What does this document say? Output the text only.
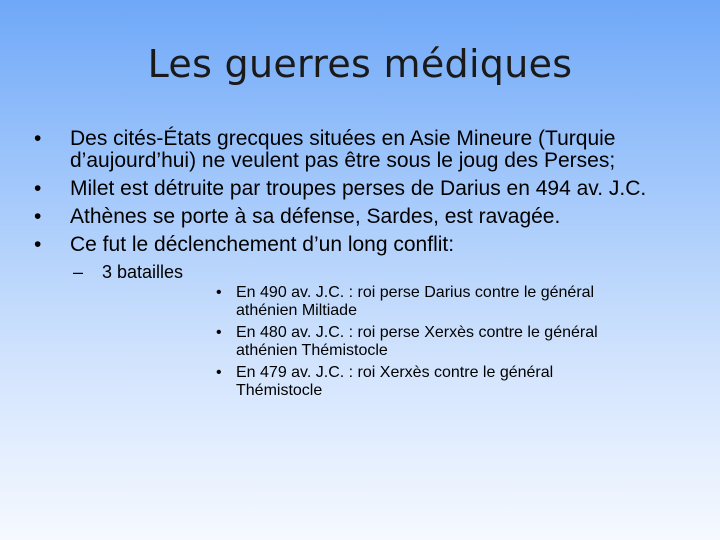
Les guerres médiques
• Des cités-États grecques situées en Asie Mineure (Turquie d’aujourd’hui) ne veulent pas être sous le joug des Perses;
• Milet est détruite par troupes perses de Darius en 494 av. J.C.
• Athènes se porte à sa défense, Sardes, est ravagée.
• Ce fut le déclenchement d’un long conflit:
– 3 batailles
• En 490 av. J.C. : roi perse Darius contre le général athénien Miltiade
• En 480 av. J.C. : roi perse Xerxès contre le général athénien Thémistocle
• En 479 av. J.C. : roi Xerxès contre le général Thémistocle
